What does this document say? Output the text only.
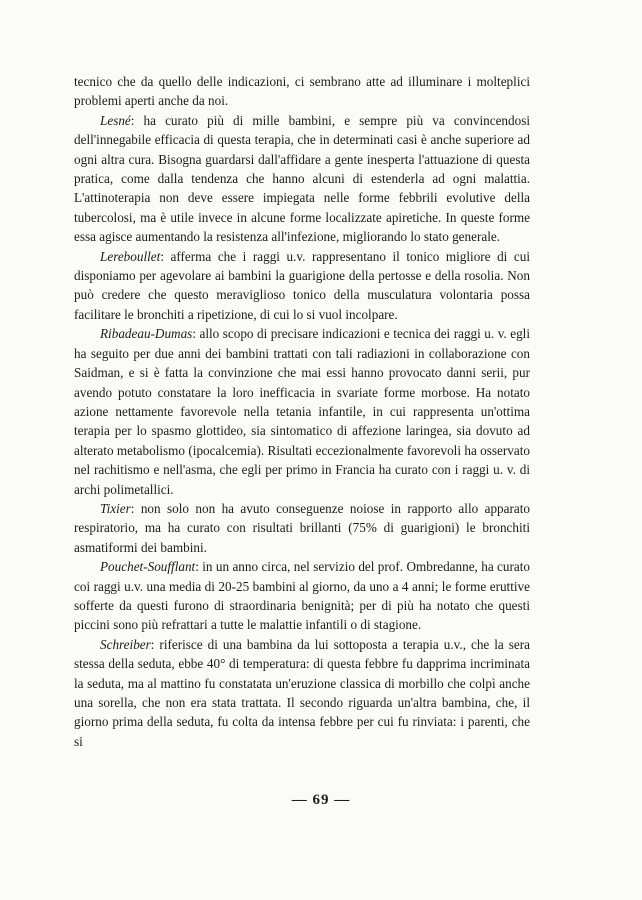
tecnico che da quello delle indicazioni, ci sembrano atte ad illuminare i molteplici problemi aperti anche da noi.

Lesné: ha curato più di mille bambini, e sempre più va convincendosi dell'innegabile efficacia di questa terapia, che in determinati casi è anche superiore ad ogni altra cura. Bisogna guardarsi dall'affidare a gente inesperta l'attuazione di questa pratica, come dalla tendenza che hanno alcuni di estenderla ad ogni malattia. L'attinoterapia non deve essere impiegata nelle forme febbrili evolutive della tubercolosi, ma è utile invece in alcune forme localizzate apiretiche. In queste forme essa agisce aumentando la resistenza all'infezione, migliorando lo stato generale.

Lereboullet: afferma che i raggi u.v. rappresentano il tonico migliore di cui disponiamo per agevolare ai bambini la guarigione della pertosse e della rosolia. Non può credere che questo meraviglioso tonico della musculatura volontaria possa facilitare le bronchiti a ripetizione, di cui lo si vuol incolpare.

Ribadeau-Dumas: allo scopo di precisare indicazioni e tecnica dei raggi u. v. egli ha seguito per due anni dei bambini trattati con tali radiazioni in collaborazione con Saidman, e si è fatta la convinzione che mai essi hanno provocato danni serii, pur avendo potuto constatare la loro inefficacia in svariate forme morbose. Ha notato azione nettamente favorevole nella tetania infantile, in cui rappresenta un'ottima terapia per lo spasmo glottideo, sia sintomatico di affezione laringea, sia dovuto ad alterato metabolismo (ipocalcemia). Risultati eccezionalmente favorevoli ha osservato nel rachitismo e nell'asma, che egli per primo in Francia ha curato con i raggi u. v. di archi polimetallici.

Tixier: non solo non ha avuto conseguenze noiose in rapporto allo apparato respiratorio, ma ha curato con risultati brillanti (75% di guarigioni) le bronchiti asmatiformi dei bambini.

Pouchet-Soufflant: in un anno circa, nel servizio del prof. Ombredanne, ha curato coi raggi u.v. una media di 20-25 bambini al giorno, da uno a 4 anni; le forme eruttive sofferte da questi furono di straordinaria benignità; per di più ha notato che questi piccini sono più refrattari a tutte le malattie infantili o di stagione.

Schreiber: riferisce di una bambina da lui sottoposta a terapia u.v., che la sera stessa della seduta, ebbe 40° di temperatura: di questa febbre fu dapprima incriminata la seduta, ma al mattino fu constatata un'eruzione classica di morbillo che colpì anche una sorella, che non era stata trattata. Il secondo riguarda un'altra bambina, che, il giorno prima della seduta, fu colta da intensa febbre per cui fu rinviata: i parenti, che si

— 69 —
